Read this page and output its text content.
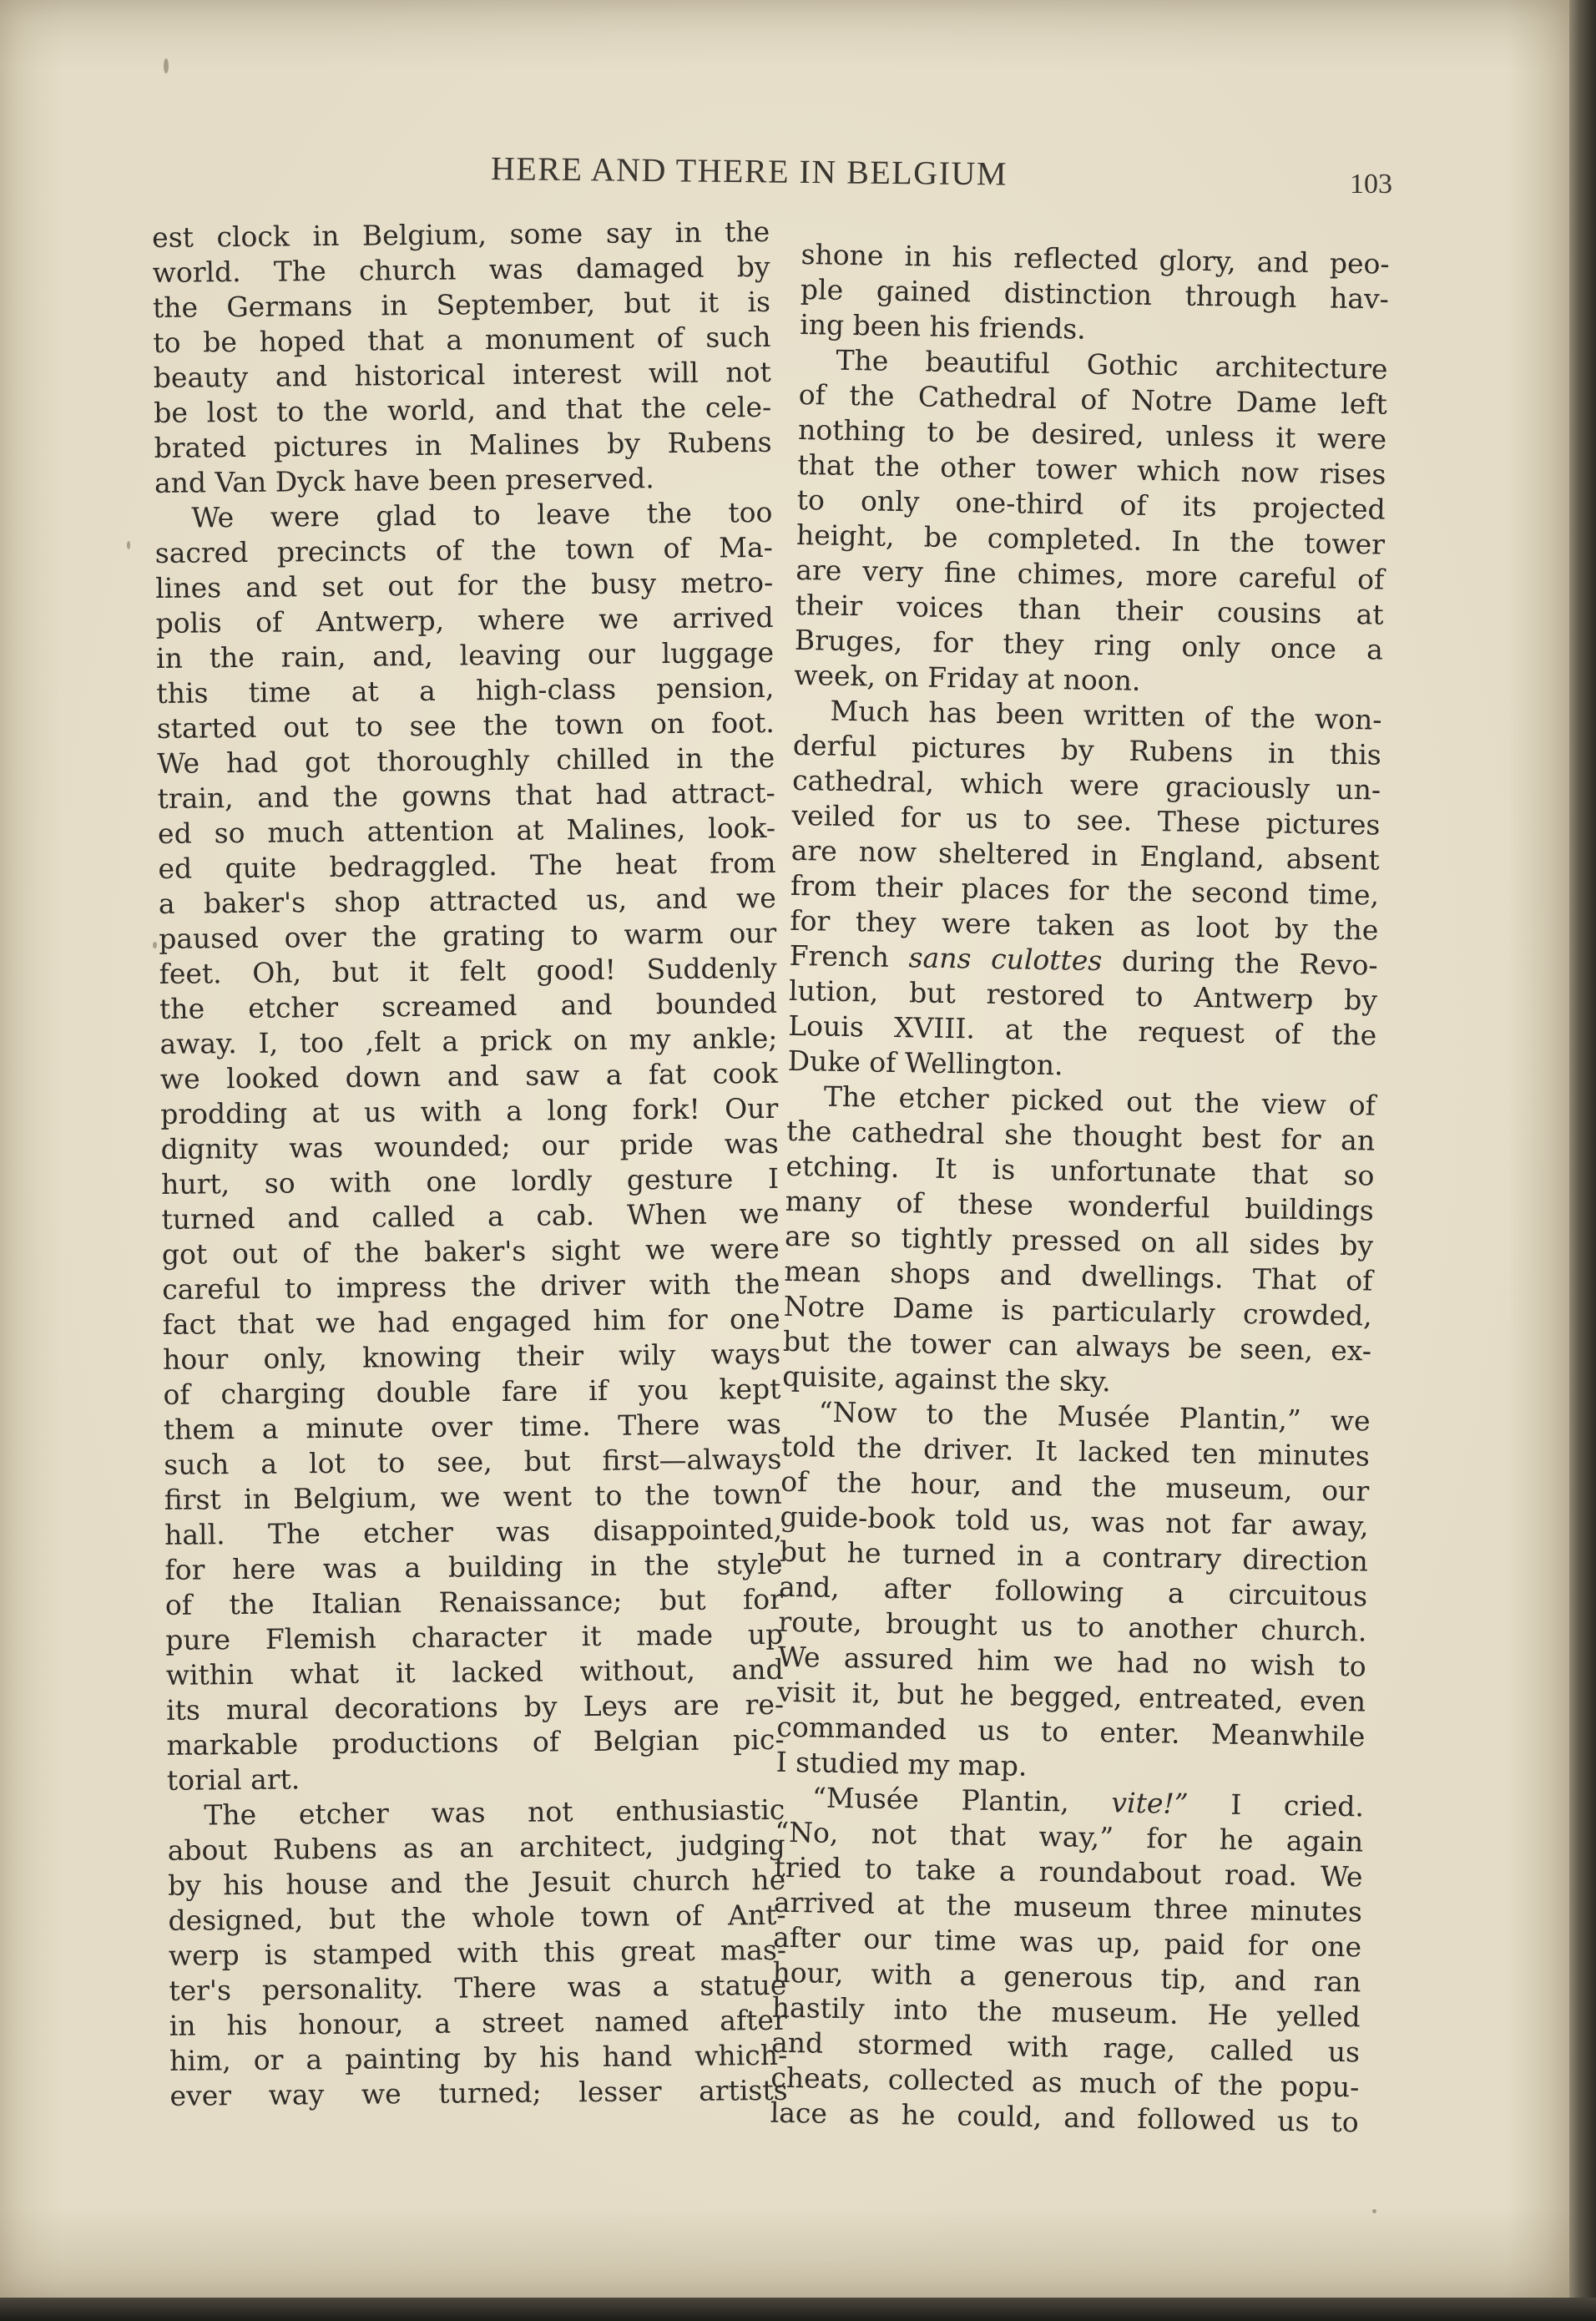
HERE AND THERE IN BELGIUM	103
est clock in Belgium, some say in the
world. The church was damaged by
the Germans in September, but it is
to be hoped that a monument of such
beauty and historical interest will not
be lost to the world, and that the cele-
brated pictures in Malines by Rubens
and Van Dyck have been preserved.
We were glad to leave the too
sacred precincts of the town of Ma-
lines and set out for the busy metro-
polis of Antwerp, where we arrived
in the rain, and, leaving our luggage
this time at a high-class pension,
started out to see the town on foot.
We had got thoroughly chilled in the
train, and the gowns that had attract-
ed so much attention at Malines, look-
ed quite bedraggled. The heat from
a baker's shop attracted us, and we
paused over the grating to warm our
feet. Oh, but it felt good! Suddenly
the etcher screamed and bounded
away. I, too ,felt a prick on my ankle;
we looked down and saw a fat cook
prodding at us with a long fork! Our
dignity was wounded; our pride was
hurt, so with one lordly gesture I
turned and called a cab. When we
got out of the baker's sight we were
careful to impress the driver with the
fact that we had engaged him for one
hour only, knowing their wily ways
of charging double fare if you kept
them a minute over time. There was
such a lot to see, but first—always
first in Belgium, we went to the town
hall. The etcher was disappointed,
for here was a building in the style
of the Italian Renaissance; but for
pure Flemish character it made up
within what it lacked without, and
its mural decorations by Leys are re-
markable productions of Belgian pic-
torial art.
The etcher was not enthusiastic
about Rubens as an architect, judging
by his house and the Jesuit church he
designed, but the whole town of Ant-
werp is stamped with this great mas-
ter's personality. There was a statue
in his honour, a street named after
him, or a painting by his hand which-
ever way we turned; lesser artists
shone in his reflected glory, and peo-
ple gained distinction through hav-
ing been his friends.
The beautiful Gothic architecture
of the Cathedral of Notre Dame left
nothing to be desired, unless it were
that the other tower which now rises
to only one-third of its projected
height, be completed. In the tower
are very fine chimes, more careful of
their voices than their cousins at
Bruges, for they ring only once a
week, on Friday at noon.
Much has been written of the won-
derful pictures by Rubens in this
cathedral, which were graciously un-
veiled for us to see. These pictures
are now sheltered in England, absent
from their places for the second time,
for they were taken as loot by the
French sans culottes during the Revo-
lution, but restored to Antwerp by
Louis XVIII. at the request of the
Duke of Wellington.
The etcher picked out the view of
the cathedral she thought best for an
etching. It is unfortunate that so
many of these wonderful buildings
are so tightly pressed on all sides by
mean shops and dwellings. That of
Notre Dame is particularly crowded,
but the tower can always be seen, ex-
quisite, against the sky.
“Now to the Musée Plantin,” we
told the driver. It lacked ten minutes
of the hour, and the museum, our
guide-book told us, was not far away,
but he turned in a contrary direction
and, after following a circuitous
route, brought us to another church.
We assured him we had no wish to
visit it, but he begged, entreated, even
commanded us to enter. Meanwhile
I studied my map.
“Musée Plantin, vite!” I cried.
“No, not that way,” for he again
tried to take a roundabout road. We
arrived at the museum three minutes
after our time was up, paid for one
hour, with a generous tip, and ran
hastily into the museum. He yelled
and stormed with rage, called us
cheats, collected as much of the popu-
lace as he could, and followed us to
